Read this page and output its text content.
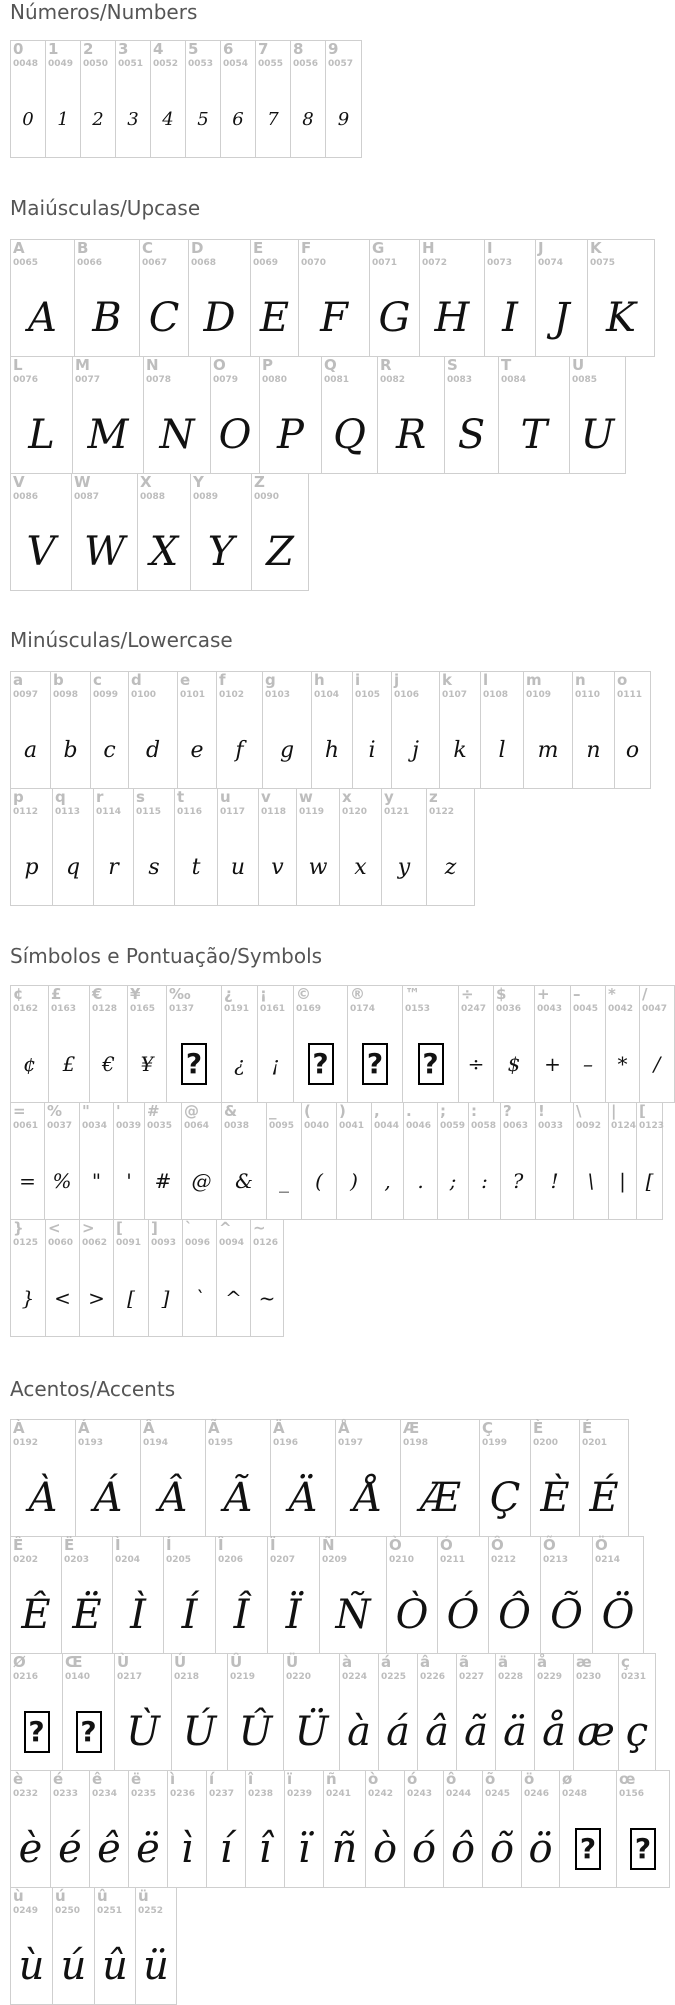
Números/Numbers
Maiúsculas/Upcase
Minúsculas/Lowercase
Símbolos e Pontuação/Symbols
Acentos/Accents
0
0048
0
1
0049
1
2
0050
2
3
0051
3
4
0052
4
5
0053
5
6
0054
6
7
0055
7
8
0056
8
9
0057
9
A
0065
A
B
0066
B
C
0067
C
D
0068
D
E
0069
E
F
0070
F
G
0071
G
H
0072
H
I
0073
I
J
0074
J
K
0075
K
L
0076
L
M
0077
M
N
0078
N
O
0079
O
P
0080
P
Q
0081
Q
R
0082
R
S
0083
S
T
0084
T
U
0085
U
V
0086
V
W
0087
W
X
0088
X
Y
0089
Y
Z
0090
Z
a
0097
a
b
0098
b
c
0099
c
d
0100
d
e
0101
e
f
0102
f
g
0103
g
h
0104
h
i
0105
i
j
0106
j
k
0107
k
l
0108
l
m
0109
m
n
0110
n
o
0111
o
p
0112
p
q
0113
q
r
0114
r
s
0115
s
t
0116
t
u
0117
u
v
0118
v
w
0119
w
x
0120
x
y
0121
y
z
0122
z
¢
0162
¢
£
0163
£
€
0128
€
¥
0165
¥
‰
0137
?
¿
0191
¿
¡
0161
¡
©
0169
?
®
0174
?
™
0153
?
÷
0247
÷
$
0036
$
+
0043
+
–
0045
–
*
0042
*
/
0047
/
=
0061
=
%
0037
%
"
0034
"
'
0039
'
#
0035
#
@
0064
@
&
0038
&
_
0095
_
(
0040
(
)
0041
)
,
0044
,
.
0046
.
;
0059
;
:
0058
:
?
0063
?
!
0033
!
\
0092
\
|
0124
|
[
0123
[
}
0125
}
<
0060
<
>
0062
>
[
0091
[
]
0093
]
`
0096
`
^
0094
^
~
0126
~
À
0192
À
Á
0193
Á
Â
0194
Â
Ã
0195
Ã
Ä
0196
Ä
Å
0197
Å
Æ
0198
Æ
Ç
0199
Ç
È
0200
È
É
0201
É
Ê
0202
Ê
Ë
0203
Ë
Ì
0204
Ì
Í
0205
Í
Î
0206
Î
Ï
0207
Ï
Ñ
0209
Ñ
Ò
0210
Ò
Ó
0211
Ó
Ô
0212
Ô
Õ
0213
Õ
Ö
0214
Ö
Ø
0216
?
Œ
0140
?
Ù
0217
Ù
Ú
0218
Ú
Û
0219
Û
Ü
0220
Ü
à
0224
à
á
0225
á
â
0226
â
ã
0227
ã
ä
0228
ä
å
0229
å
æ
0230
æ
ç
0231
ç
è
0232
è
é
0233
é
ê
0234
ê
ë
0235
ë
ì
0236
ì
í
0237
í
î
0238
î
ï
0239
ï
ñ
0241
ñ
ò
0242
ò
ó
0243
ó
ô
0244
ô
õ
0245
õ
ö
0246
ö
ø
0248
?
œ
0156
?
ù
0249
ù
ú
0250
ú
û
0251
û
ü
0252
ü
